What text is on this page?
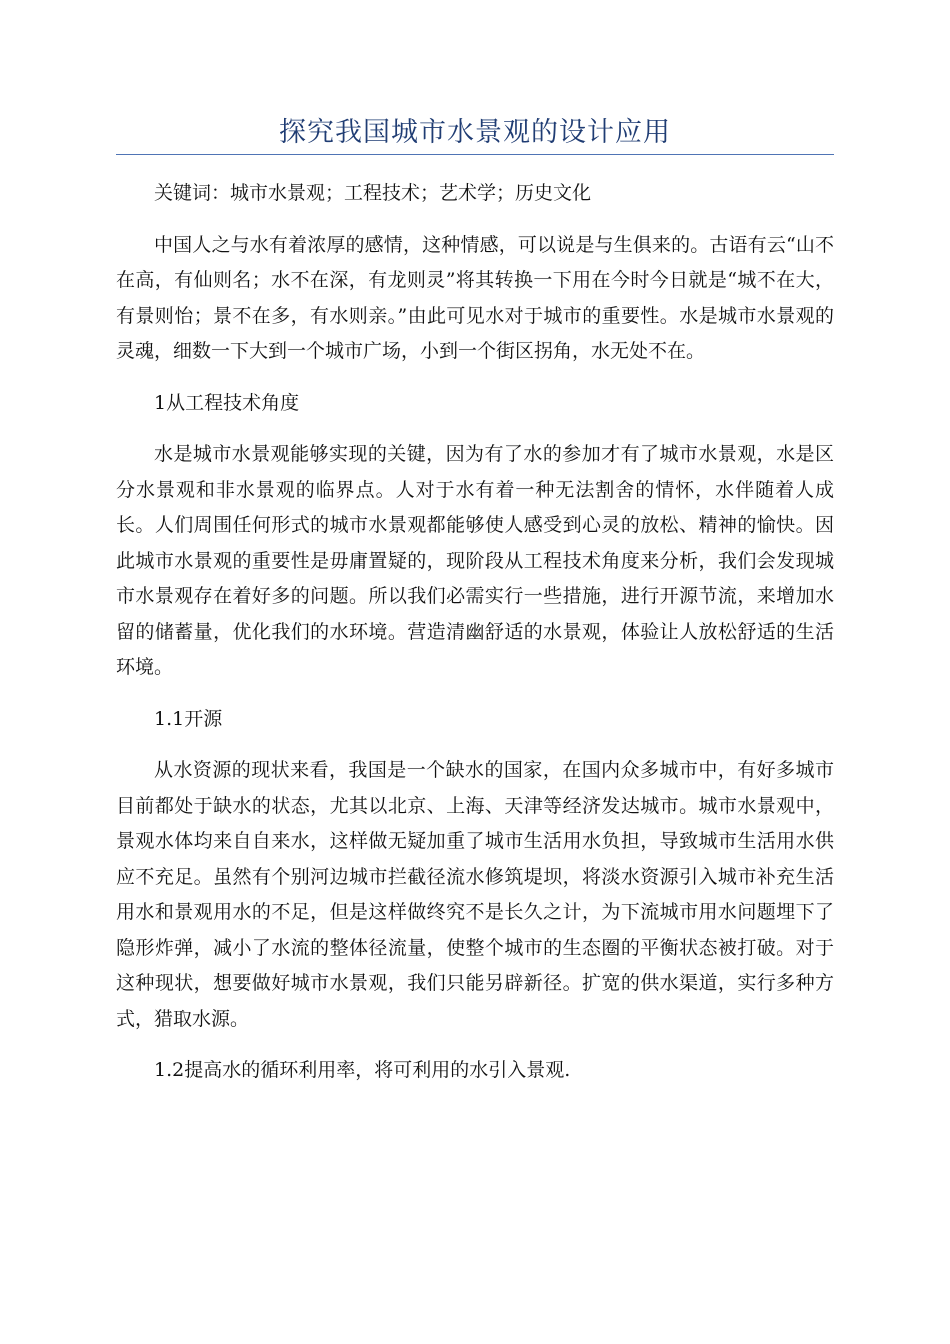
探究我国城市水景观的设计应用

关键词：城市水景观；工程技术；艺术学；历史文化

中国人之与水有着浓厚的感情，这种情感，可以说是与生俱来的。古语有云“山不在高，有仙则名；水不在深，有龙则灵”将其转换一下用在今时今日就是“城不在大，有景则怡；景不在多，有水则亲。”由此可见水对于城市的重要性。水是城市水景观的灵魂，细数一下大到一个城市广场，小到一个街区拐角，水无处不在。

1从工程技术角度

水是城市水景观能够实现的关键，因为有了水的参加才有了城市水景观，水是区分水景观和非水景观的临界点。人对于水有着一种无法割舍的情怀，水伴随着人成长。人们周围任何形式的城市水景观都能够使人感受到心灵的放松、精神的愉快。因此城市水景观的重要性是毋庸置疑的，现阶段从工程技术角度来分析，我们会发现城市水景观存在着好多的问题。所以我们必需实行一些措施，进行开源节流，来增加水留的储蓄量，优化我们的水环境。营造清幽舒适的水景观，体验让人放松舒适的生活环境。

1.1开源

从水资源的现状来看，我国是一个缺水的国家，在国内众多城市中，有好多城市目前都处于缺水的状态，尤其以北京、上海、天津等经济发达城市。城市水景观中，景观水体均来自自来水，这样做无疑加重了城市生活用水负担，导致城市生活用水供应不充足。虽然有个别河边城市拦截径流水修筑堤坝，将淡水资源引入城市补充生活用水和景观用水的不足，但是这样做终究不是长久之计，为下流城市用水问题埋下了隐形炸弹，减小了水流的整体径流量，使整个城市的生态圈的平衡状态被打破。对于这种现状，想要做好城市水景观，我们只能另辟新径。扩宽的供水渠道，实行多种方式，猎取水源。

1.2提高水的循环利用率，将可利用的水引入景观.
